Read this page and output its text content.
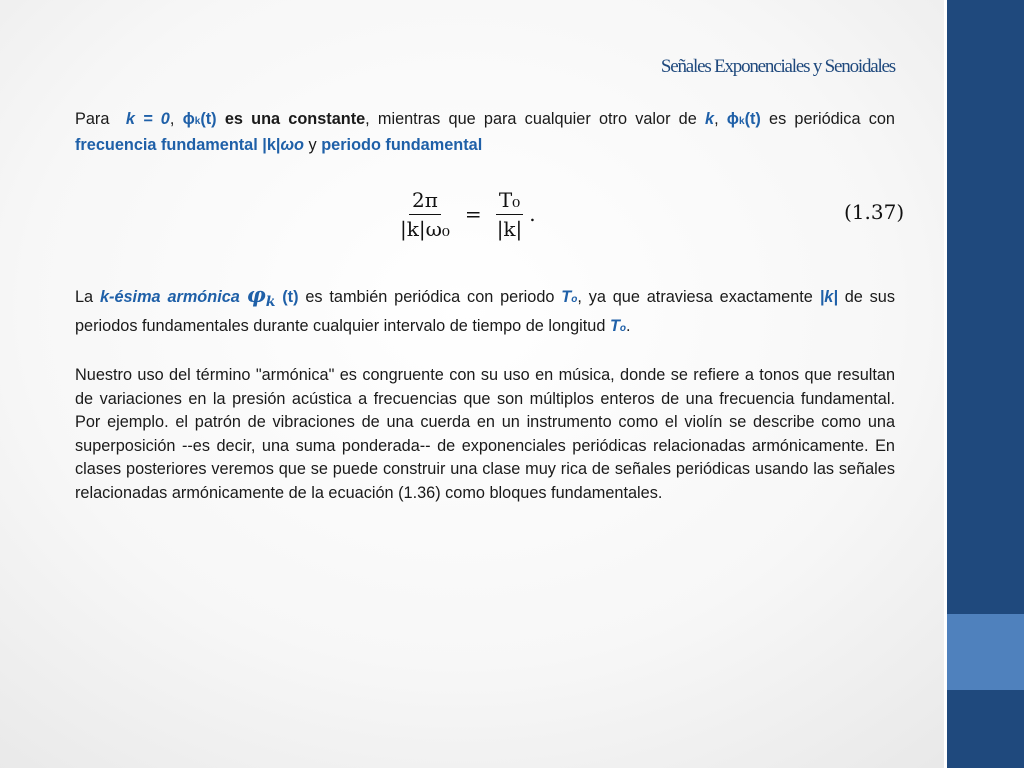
Señales Exponenciales y Senoidales
Para k = 0, ϕk(t) es una constante, mientras que para cualquier otro valor de k, ϕk(t) es periódica con frecuencia fundamental |k|ωo y periodo fundamental
$\frac{2\pi}{\text{|k|ω₀}} = \frac{\text{T₀}}{|k|}$ .	(1.37)
La k-ésima armónica φk (t) es también periódica con periodo To, ya que atraviesa exactamente |k| de sus periodos fundamentales durante cualquier intervalo de tiempo de longitud To.
Nuestro uso del término "armónica" es congruente con su uso en música, donde se refiere a tonos que resultan de variaciones en la presión acústica a frecuencias que son múltiplos enteros de una frecuencia fundamental. Por ejemplo. el patrón de vibraciones de una cuerda en un instrumento como el violín se describe como una superposición --es decir, una suma ponderada-- de exponenciales periódicas relacionadas armónicamente. En clases posteriores veremos que se puede construir una clase muy rica de señales periódicas usando las señales relacionadas armónicamente de la ecuación (1.36) como bloques fundamentales.
